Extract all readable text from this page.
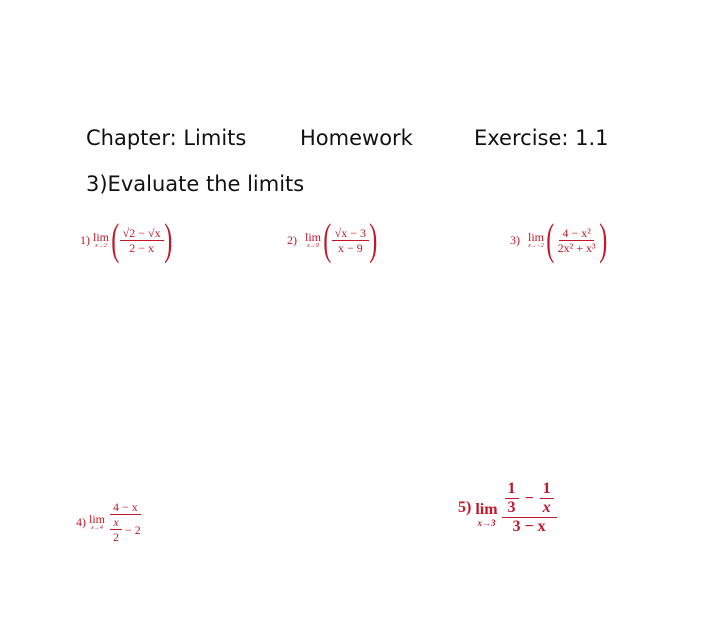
Chapter: Limits	Homework	Exercise: 1.1
3)Evaluate the limits
1) lim
x→2 ( $\frac{√2 - √x}{2 - x}$ )	2) lim
x→9 ( $\frac{√x - 3}{x - 9}$ )	3) lim
x→−2 ( $\frac{\text{4 − x²}}{\text{2x² + x³}}$ )
4) lim
$x\to 4 \frac{4 - x}{\frac{x}{2} - 2}$	5) lim
$x\to 3 \frac{\frac{1}{3} - \frac{1}{x}}{3 - x}$
